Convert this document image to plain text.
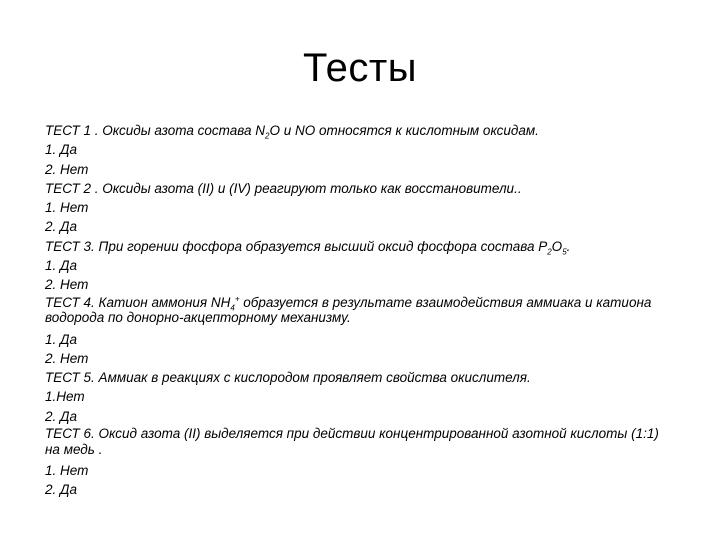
Тесты
ТЕСТ 1 . Оксиды азота состава $N_2O$ и NO относятся к кислотным оксидам.
1. Да
2. Нет
ТЕСТ 2 . Оксиды азота (II) и (IV) реагируют только как восстановители..
1. Нет
2. Да
ТЕСТ 3. При горении фосфора образуется высший оксид фосфора состава $P_2O_5$.
1. Да
2. Нет
ТЕСТ 4. Катион аммония $NH_4^+$ образуется в результате взаимодействия аммиака и катиона водорода по донорно-акцепторному механизму.
1. Да
2. Нет
ТЕСТ 5. Аммиак в реакциях с кислородом проявляет свойства окислителя.
1.Нет
2. Да
ТЕСТ 6. Оксид азота (II) выделяется при действии концентрированной азотной кислоты (1:1) на медь .
1. Нет
2. Да
